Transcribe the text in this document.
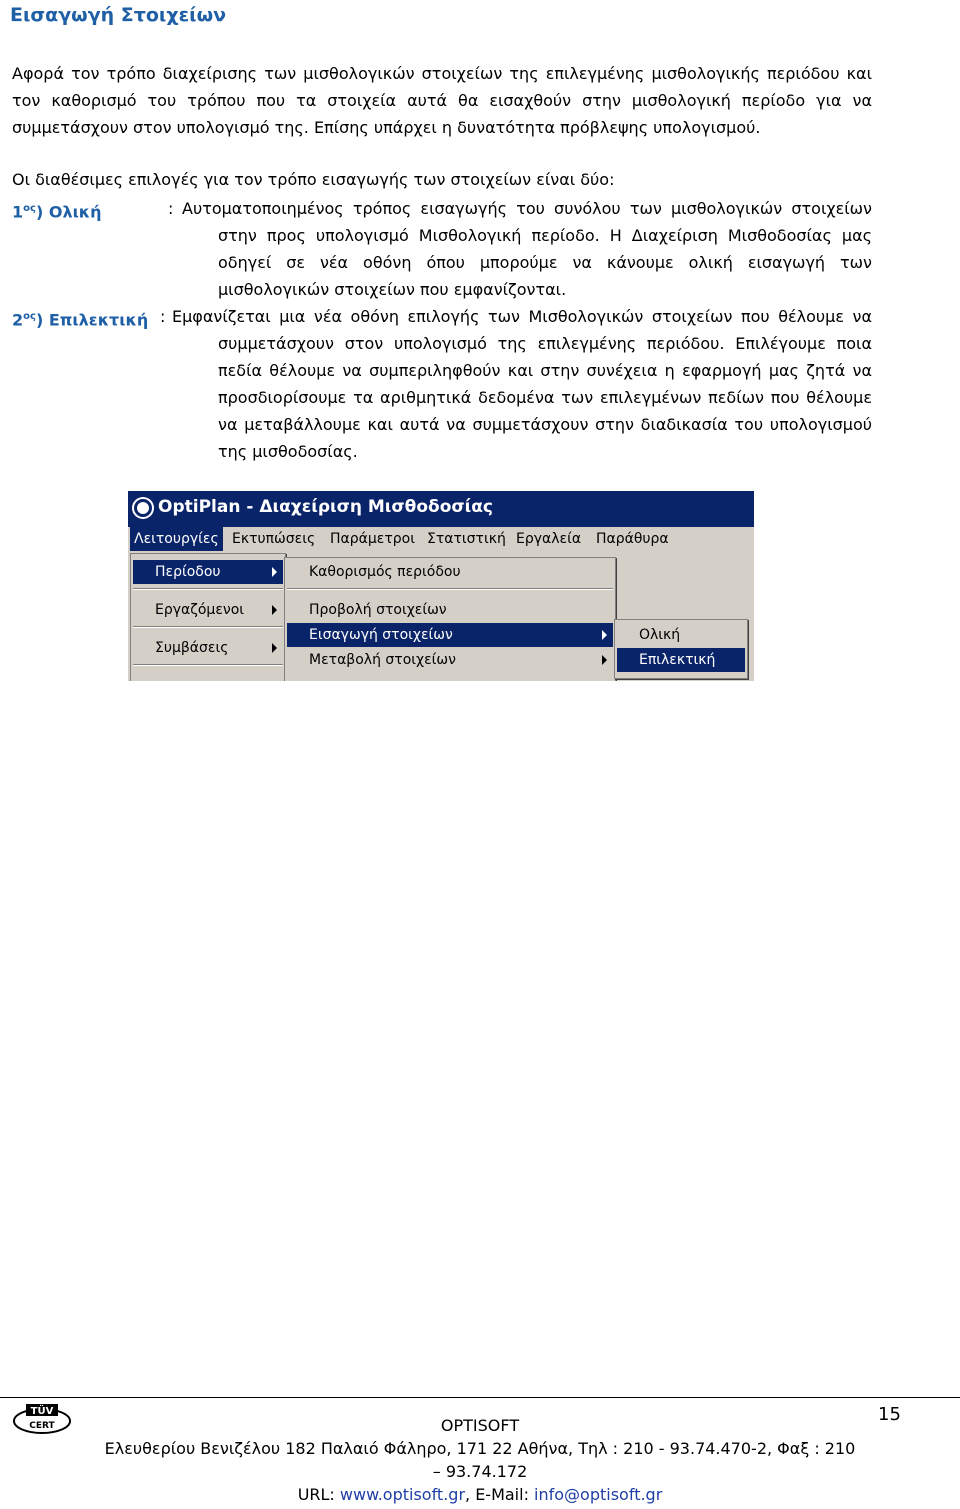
Εισαγωγή Στοιχείων

Αφορά τον τρόπο διαχείρισης των μισθολογικών στοιχείων της επιλεγμένης μισθολογικής περιόδου και τον καθορισμό του τρόπου που τα στοιχεία αυτά θα εισαχθούν στην μισθολογική περίοδο για να συμμετάσχουν στον υπολογισμό της. Επίσης υπάρχει η δυνατότητα πρόβλεψης υπολογισμού.

Οι διαθέσιμες επιλογές για τον τρόπο εισαγωγής των στοιχείων είναι δύο:

$1^{o\varsigma}$) Ολική	: Αυτοματοποιημένος τρόπος εισαγωγής του συνόλου των μισθολογικών στοιχείων στην προς υπολογισμό Μισθολογική περίοδο. Η Διαχείριση Μισθοδοσίας μας οδηγεί σε νέα οθόνη όπου μπορούμε να κάνουμε ολική εισαγωγή των μισθολογικών στοιχείων που εμφανίζονται.
$2^{o\varsigma}$) Επιλεκτική : Εμφανίζεται μια νέα οθόνη επιλογής των Μισθολογικών στοιχείων που θέλουμε να συμμετάσχουν στον υπολογισμό της επιλεγμένης περιόδου. Επιλέγουμε ποια πεδία θέλουμε να συμπεριληφθούν και στην συνέχεια η εφαρμογή μας ζητά να προσδιορίσουμε τα αριθμητικά δεδομένα των επιλεγμένων πεδίων που θέλουμε να μεταβάλλουμε και αυτά να συμμετάσχουν στην διαδικασία του υπολογισμού της μισθοδοσίας.
OptiPlan - Διαχείριση Μισθοδοσίας
Λειτουργίες Εκτυπώσεις Παράμετροι Στατιστική Εργαλεία Παράθυρα
Περίοδου
Εργαζόμενοι
Συμβάσεις
Καθορισμός περιόδου
Προβολή στοιχείων
Εισαγωγή στοιχείων
Μεταβολή στοιχείων
Ολική
Επιλεκτική
TÜV
CERT
15
OPTISOFT
Ελευθερίου Βενιζέλου 182 Παλαιό Φάληρο, 171 22 Αθήνα, Τηλ : 210 - 93.74.470-2, Φαξ : 210 – 93.74.172
URL: www.optisoft.gr, E-Mail: info@optisoft.gr
